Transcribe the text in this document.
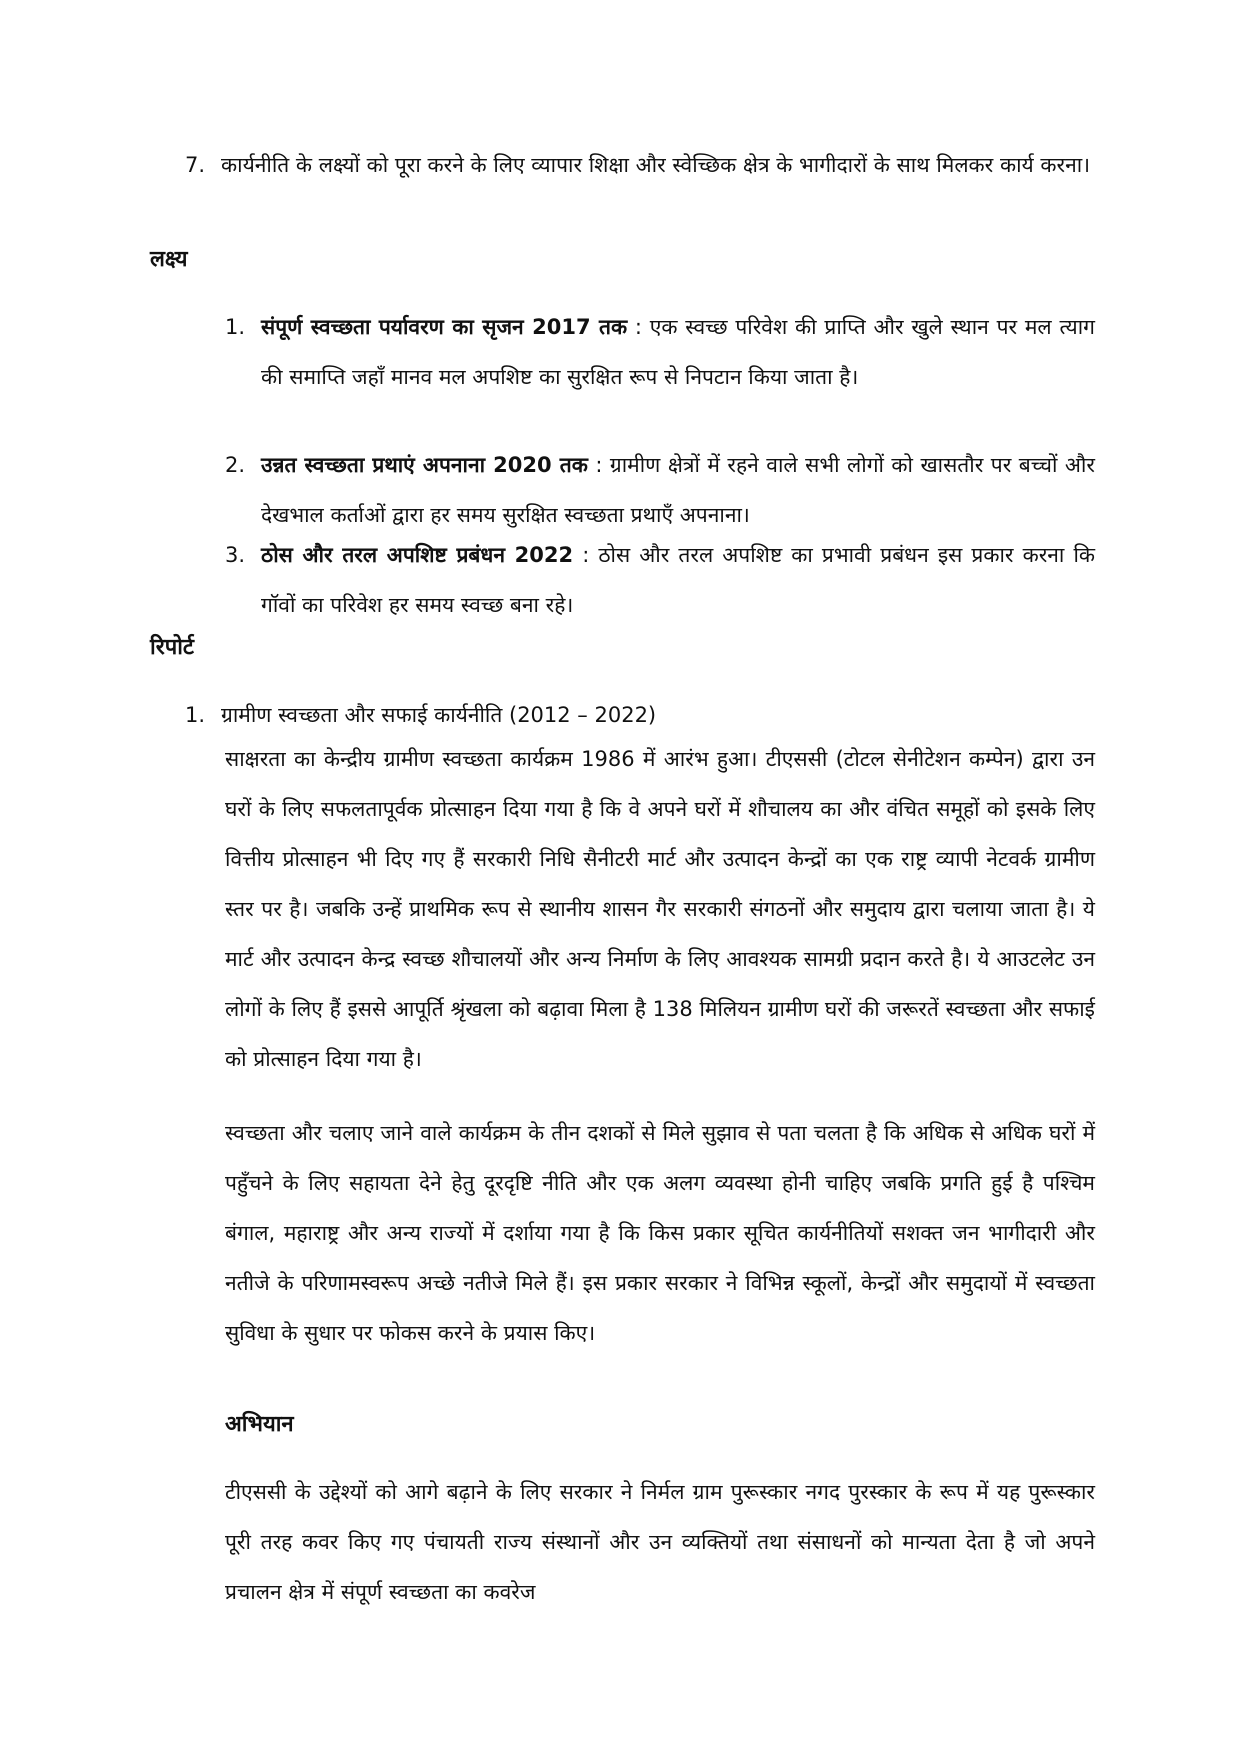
7. कार्यनीति के लक्ष्यों को पूरा करने के लिए व्यापार शिक्षा और स्वेच्छिक क्षेत्र के भागीदारों के साथ मिलकर कार्य करना।
लक्ष्य
1. संपूर्ण स्वच्छता पर्यावरण का सृजन 2017 तक : एक स्वच्छ परिवेश की प्राप्ति और खुले स्थान पर मल त्याग की समाप्ति जहॉं मानव मल अपशिष्ट का सुरक्षित रूप से निपटान किया जाता है।
2. उन्नत स्वच्छता प्रथाएं अपनाना 2020 तक : ग्रामीण क्षेत्रों में रहने वाले सभी लोगों को खासतौर पर बच्चों और देखभाल कर्ताओं द्वारा हर समय सुरक्षित स्वच्छता प्रथाएँ अपनाना।
3. ठोस और तरल अपशिष्ट प्रबंधन 2022 : ठोस और तरल अपशिष्ट का प्रभावी प्रबंधन इस प्रकार करना कि गॉवों का परिवेश हर समय स्वच्छ बना रहे।
रिपोर्ट
1. ग्रामीण स्वच्छता और सफाई कार्यनीति (2012 – 2022)
साक्षरता का केन्द्रीय ग्रामीण स्वच्छता कार्यक्रम 1986 में आरंभ हुआ। टीएससी (टोटल सेनीटेशन कम्पेन) द्वारा उन घरों के लिए सफलतापूर्वक प्रोत्साहन दिया गया है कि वे अपने घरों में शौचालय का और वंचित समूहों को इसके लिए वित्तीय प्रोत्साहन भी दिए गए हैं सरकारी निधि सैनीटरी मार्ट और उत्पादन केन्द्रों का एक राष्ट्र व्यापी नेटवर्क ग्रामीण स्तर पर है। जबकि उन्हें प्राथमिक रूप से स्थानीय शासन गैर सरकारी संगठनों और समुदाय द्वारा चलाया जाता है। ये मार्ट और उत्पादन केन्द्र स्वच्छ शौचालयों और अन्य निर्माण के लिए आवश्यक सामग्री प्रदान करते है। ये आउटलेट उन लोगों के लिए हैं इससे आपूर्ति श्रृंखला को बढ़ावा मिला है 138 मिलियन ग्रामीण घरों की जरूरतें स्वच्छता और सफाई को प्रोत्साहन दिया गया है।
स्वच्छता और चलाए जाने वाले कार्यक्रम के तीन दशकों से मिले सुझाव से पता चलता है कि अधिक से अधिक घरों में पहुँचने के लिए सहायता देने हेतु दूरदृष्टि नीति और एक अलग व्यवस्था होनी चाहिए जबकि प्रगति हुई है पश्चिम बंगाल, महाराष्ट्र और अन्य राज्यों में दर्शाया गया है कि किस प्रकार सूचित कार्यनीतियों सशक्त जन भागीदारी और नतीजे के परिणामस्वरूप अच्छे नतीजे मिले हैं। इस प्रकार सरकार ने विभिन्न स्कूलों, केन्द्रों और समुदायों में स्वच्छता सुविधा के सुधार पर फोकस करने के प्रयास किए।
अभियान
टीएससी के उद्देश्यों को आगे बढ़ाने के लिए सरकार ने निर्मल ग्राम पुरूस्कार नगद पुरस्कार के रूप में यह पुरूस्कार पूरी तरह कवर किए गए पंचायती राज्य संस्थानों और उन व्यक्तियों तथा संसाधनों को मान्यता देता है जो अपने प्रचालन क्षेत्र में संपूर्ण स्वच्छता का कवरेज
